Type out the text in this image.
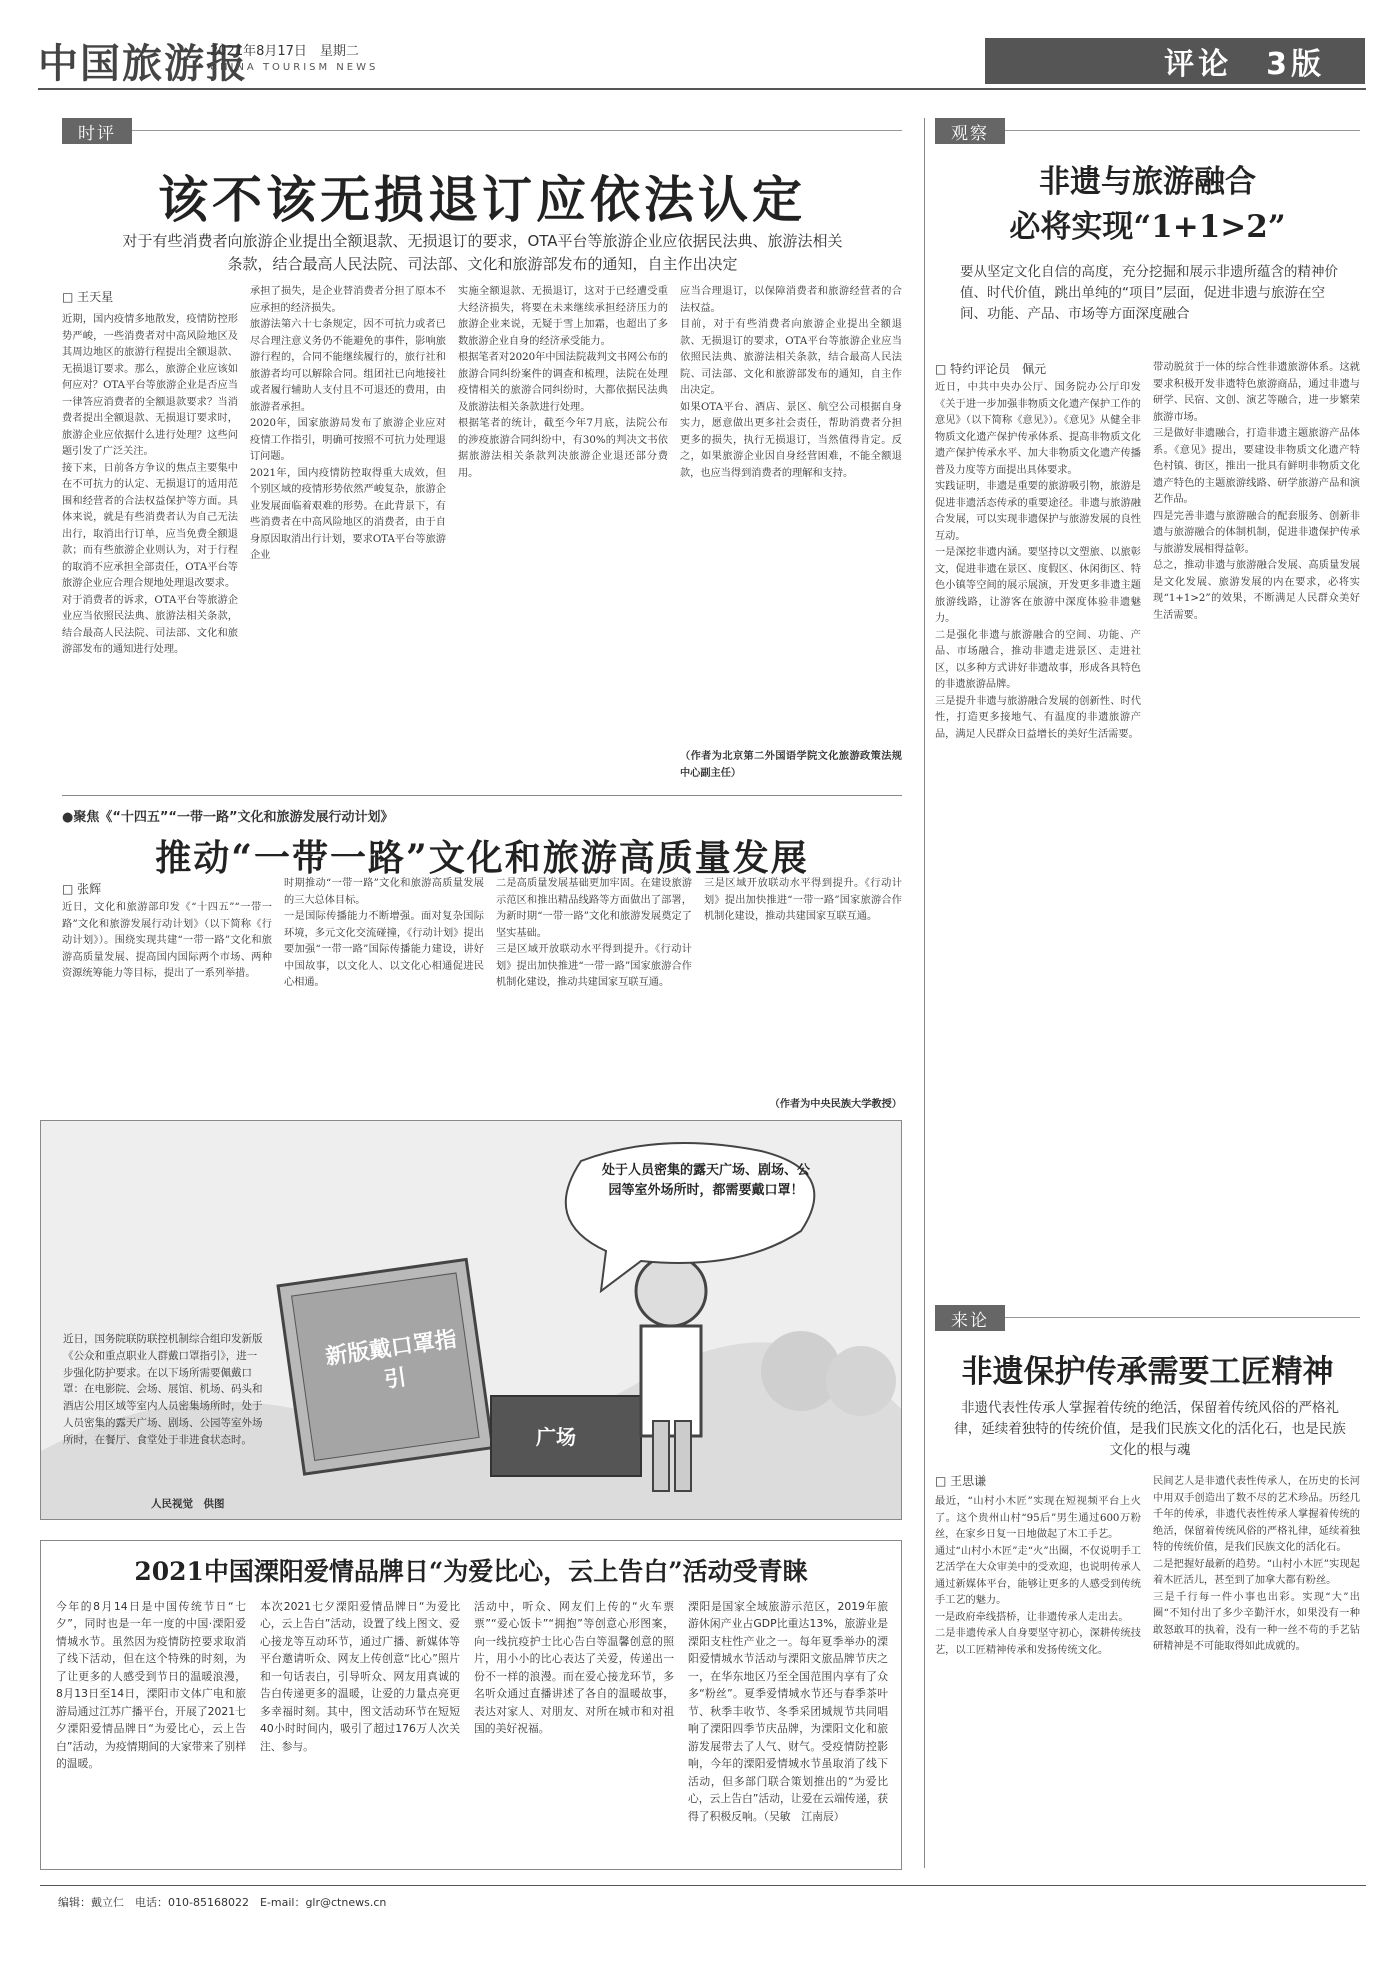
中国旅游报
2021年8月17日　星期二
CHINA TOURISM NEWS	评论　3版
时评
该不该无损退订应依法认定
对于有些消费者向旅游企业提出全额退款、无损退订的要求，OTA平台等旅游企业应依据民法典、旅游法相关条款，结合最高人民法院、司法部、文化和旅游部发布的通知，自主作出决定
□ 王天星

近期，国内疫情多地散发，疫情防控形势严峻，一些消费者对中高风险地区及其周边地区的旅游行程提出全额退款、无损退订要求。那么，旅游企业应该如何应对？OTA平台等旅游企业是否应当一律答应消费者的全额退款要求？当消费者提出全额退款、无损退订要求时，旅游企业应依据什么进行处理？这些问题引发了广泛关注。

接下来，日前各方争议的焦点主要集中在不可抗力的认定、无损退订的适用范围和经营者的合法权益保护等方面。具体来说，就是有些消费者认为自己无法出行，取消出行订单，应当免费全额退款；而有些旅游企业则认为，对于行程的取消不应承担全部责任，OTA平台等旅游企业应合理合规地处理退改要求。

对于消费者的诉求，OTA平台等旅游企业应当依照民法典、旅游法相关条款，结合最高人民法院、司法部、文化和旅游部发布的通知进行处理。

承担了损失，是企业替消费者分担了原本不应承担的经济损失。

旅游法第六十七条规定，因不可抗力或者已尽合理注意义务仍不能避免的事件，影响旅游行程的，合同不能继续履行的，旅行社和旅游者均可以解除合同。组团社已向地接社或者履行辅助人支付且不可退还的费用，由旅游者承担。

2020年，国家旅游局发布了旅游企业应对疫情工作指引，明确可按照不可抗力处理退订问题。

2021年，国内疫情防控取得重大成效，但个别区域的疫情形势依然严峻复杂，旅游企业发展面临着艰难的形势。在此背景下，有些消费者在中高风险地区的消费者，由于自身原因取消出行计划，要求OTA平台等旅游企业

实施全额退款、无损退订，这对于已经遭受重大经济损失，将要在未来继续承担经济压力的旅游企业来说，无疑于雪上加霜，也超出了多数旅游企业自身的经济承受能力。

根据笔者对2020年中国法院裁判文书网公布的旅游合同纠纷案件的调查和梳理，法院在处理疫情相关的旅游合同纠纷时，大都依据民法典及旅游法相关条款进行处理。

根据笔者的统计，截至今年7月底，法院公布的涉疫旅游合同纠纷中，有30%的判决文书依据旅游法相关条款判决旅游企业退还部分费用。

应当合理退订，以保障消费者和旅游经营者的合法权益。

目前，对于有些消费者向旅游企业提出全额退款、无损退订的要求，OTA平台等旅游企业应当依照民法典、旅游法相关条款，结合最高人民法院、司法部、文化和旅游部发布的通知，自主作出决定。

如果OTA平台、酒店、景区、航空公司根据自身实力，愿意做出更多社会责任，帮助消费者分担更多的损失，执行无损退订，当然值得肯定。反之，如果旅游企业因自身经营困难，不能全额退款，也应当得到消费者的理解和支持。

（作者为北京第二外国语学院文化旅游政策法规中心副主任）
●聚焦《“十四五”“一带一路”文化和旅游发展行动计划》
推动“一带一路”文化和旅游高质量发展
□ 张辉

近日，文化和旅游部印发《“十四五”“一带一路”文化和旅游发展行动计划》（以下简称《行动计划》）。围绕实现共建“一带一路”文化和旅游高质量发展、提高国内国际两个市场、两种资源统筹能力等目标，提出了一系列举措。

时期推动“一带一路”文化和旅游高质量发展的三大总体目标。

一是国际传播能力不断增强。面对复杂国际环境，多元文化交流碰撞，《行动计划》提出要加强“一带一路”国际传播能力建设，讲好中国故事，以文化人、以文化心相通促进民心相通。

二是高质量发展基础更加牢固。在建设旅游示范区和推出精品线路等方面做出了部署，为新时期“一带一路”文化和旅游发展奠定了坚实基础。

三是区域开放联动水平得到提升。《行动计划》提出加快推进“一带一路”国家旅游合作机制化建设，推动共建国家互联互通。

三是区域开放联动水平得到提升。《行动计划》提出加快推进“一带一路”国家旅游合作机制化建设，推动共建国家互联互通。

（作者为中央民族大学教授）
处于人员密集的露天广场、剧场、公园等室外场所时，都需要戴口罩！
新版戴口罩指引
广场
近日，国务院联防联控机制综合组印发新版《公众和重点职业人群戴口罩指引》，进一步强化防护要求。在以下场所需要佩戴口罩：在电影院、会场、展馆、机场、码头和酒店公用区域等室内人员密集场所时，处于人员密集的露天广场、剧场、公园等室外场所时，在餐厅、食堂处于非进食状态时。
人民视觉　供图
2021中国溧阳爱情品牌日“为爱比心，云上告白”活动受青睐
今年的8月14日是中国传统节日“七夕”，同时也是一年一度的中国·溧阳爱情城水节。虽然因为疫情防控要求取消了线下活动，但在这个特殊的时刻，为了让更多的人感受到节日的温暖浪漫，8月13日至14日，溧阳市文体广电和旅游局通过江苏广播平台，开展了2021七夕溧阳爱情品牌日“为爱比心，云上告白”活动，为疫情期间的大家带来了别样的温暖。

本次2021七夕溧阳爱情品牌日“为爱比心，云上告白”活动，设置了线上图文、爱心接龙等互动环节，通过广播、新媒体等平台邀请听众、网友上传创意“比心”照片和一句话表白，引导听众、网友用真诚的告白传递更多的温暖，让爱的力量点亮更多幸福时刻。其中，图文活动环节在短短40小时时间内，吸引了超过176万人次关注、参与。

活动中，听众、网友们上传的“火车票票”“爱心饭卡”“拥抱”等创意心形图案，向一线抗疫护士比心告白等温馨创意的照片，用小小的比心表达了关爱，传递出一份不一样的浪漫。而在爱心接龙环节，多名听众通过直播讲述了各自的温暖故事，表达对家人、对朋友、对所在城市和对祖国的美好祝福。

溧阳是国家全域旅游示范区，2019年旅游休闲产业占GDP比重达13%，旅游业是溧阳支柱性产业之一。每年夏季举办的溧阳爱情城水节活动与溧阳文旅品牌节庆之一，在华东地区乃至全国范围内享有了众多“粉丝”。夏季爱情城水节还与春季茶叶节、秋季丰收节、冬季采团城规节共同唱响了溧阳四季节庆品牌，为溧阳文化和旅游发展带去了人气、财气。受疫情防控影响，今年的溧阳爱情城水节虽取消了线下活动，但多部门联合策划推出的“为爱比心，云上告白”活动，让爱在云端传递，获得了积极反响。（吴敏　江南辰）
观察
非遗与旅游融合
必将实现“1+1>2”
要从坚定文化自信的高度，充分挖掘和展示非遗所蕴含的精神价值、时代价值，跳出单纯的“项目”层面，促进非遗与旅游在空间、功能、产品、市场等方面深度融合
□ 特约评论员　佩元

近日，中共中央办公厅、国务院办公厅印发《关于进一步加强非物质文化遗产保护工作的意见》（以下简称《意见》）。《意见》从健全非物质文化遗产保护传承体系、提高非物质文化遗产保护传承水平、加大非物质文化遗产传播普及力度等方面提出具体要求。

实践证明，非遗是重要的旅游吸引物，旅游是促进非遗活态传承的重要途径。非遗与旅游融合发展，可以实现非遗保护与旅游发展的良性互动。

一是深挖非遗内涵。要坚持以文塑旅、以旅彰文，促进非遗在景区、度假区、休闲街区、特色小镇等空间的展示展演，开发更多非遗主题旅游线路，让游客在旅游中深度体验非遗魅力。

二是强化非遗与旅游融合的空间、功能、产品、市场融合，推动非遗走进景区、走进社区，以多种方式讲好非遗故事，形成各具特色的非遗旅游品牌。

三是提升非遗与旅游融合发展的创新性、时代性，打造更多接地气、有温度的非遗旅游产品，满足人民群众日益增长的美好生活需要。

带动脱贫于一体的综合性非遗旅游体系。这就要求积极开发非遗特色旅游商品，通过非遗与研学、民宿、文创、演艺等融合，进一步繁荣旅游市场。

三是做好非遗融合，打造非遗主题旅游产品体系。《意见》提出，要建设非物质文化遗产特色村镇、街区，推出一批具有鲜明非物质文化遗产特色的主题旅游线路、研学旅游产品和演艺作品。

四是完善非遗与旅游融合的配套服务、创新非遗与旅游融合的体制机制，促进非遗保护传承与旅游发展相得益彰。

总之，推动非遗与旅游融合发展、高质量发展是文化发展、旅游发展的内在要求，必将实现“1+1>2”的效果，不断满足人民群众美好生活需要。

来论
非遗保护传承需要工匠精神
非遗代表性传承人掌握着传统的绝活，保留着传统风俗的严格礼律，延续着独特的传统价值，是我们民族文化的活化石，也是民族文化的根与魂
□ 王思谦

最近，“山村小木匠”实现在短视频平台上火了。这个贵州山村“95后”男生通过600万粉丝，在家乡日复一日地做起了木工手艺。

通过“山村小木匠”走“火”出圈，不仅说明手工艺活学在大众审美中的受欢迎，也说明传承人通过新媒体平台，能够让更多的人感受到传统手工艺的魅力。

一是政府牵线搭桥，让非遗传承人走出去。

二是非遗传承人自身要坚守初心，深耕传统技艺，以工匠精神传承和发扬传统文化。

民间艺人是非遗代表性传承人，在历史的长河中用双手创造出了数不尽的艺术珍品。历经几千年的传承，非遗代表性传承人掌握着传统的绝活，保留着传统风俗的严格礼律，延续着独特的传统价值，是我们民族文化的活化石。

二是把握好最新的趋势。“山村小木匠”实现起着木匠活儿，甚至到了加拿大都有粉丝。

三是千行每一件小事也出彩。实现“大”出圈“不知付出了多少辛勤汗水，如果没有一种敢怒敢耳的执着，没有一种一丝不苟的手艺钻研精神是不可能取得如此成就的。

编辑：戴立仁　电话：010-85168022　E-mail：glr@ctnews.cn
